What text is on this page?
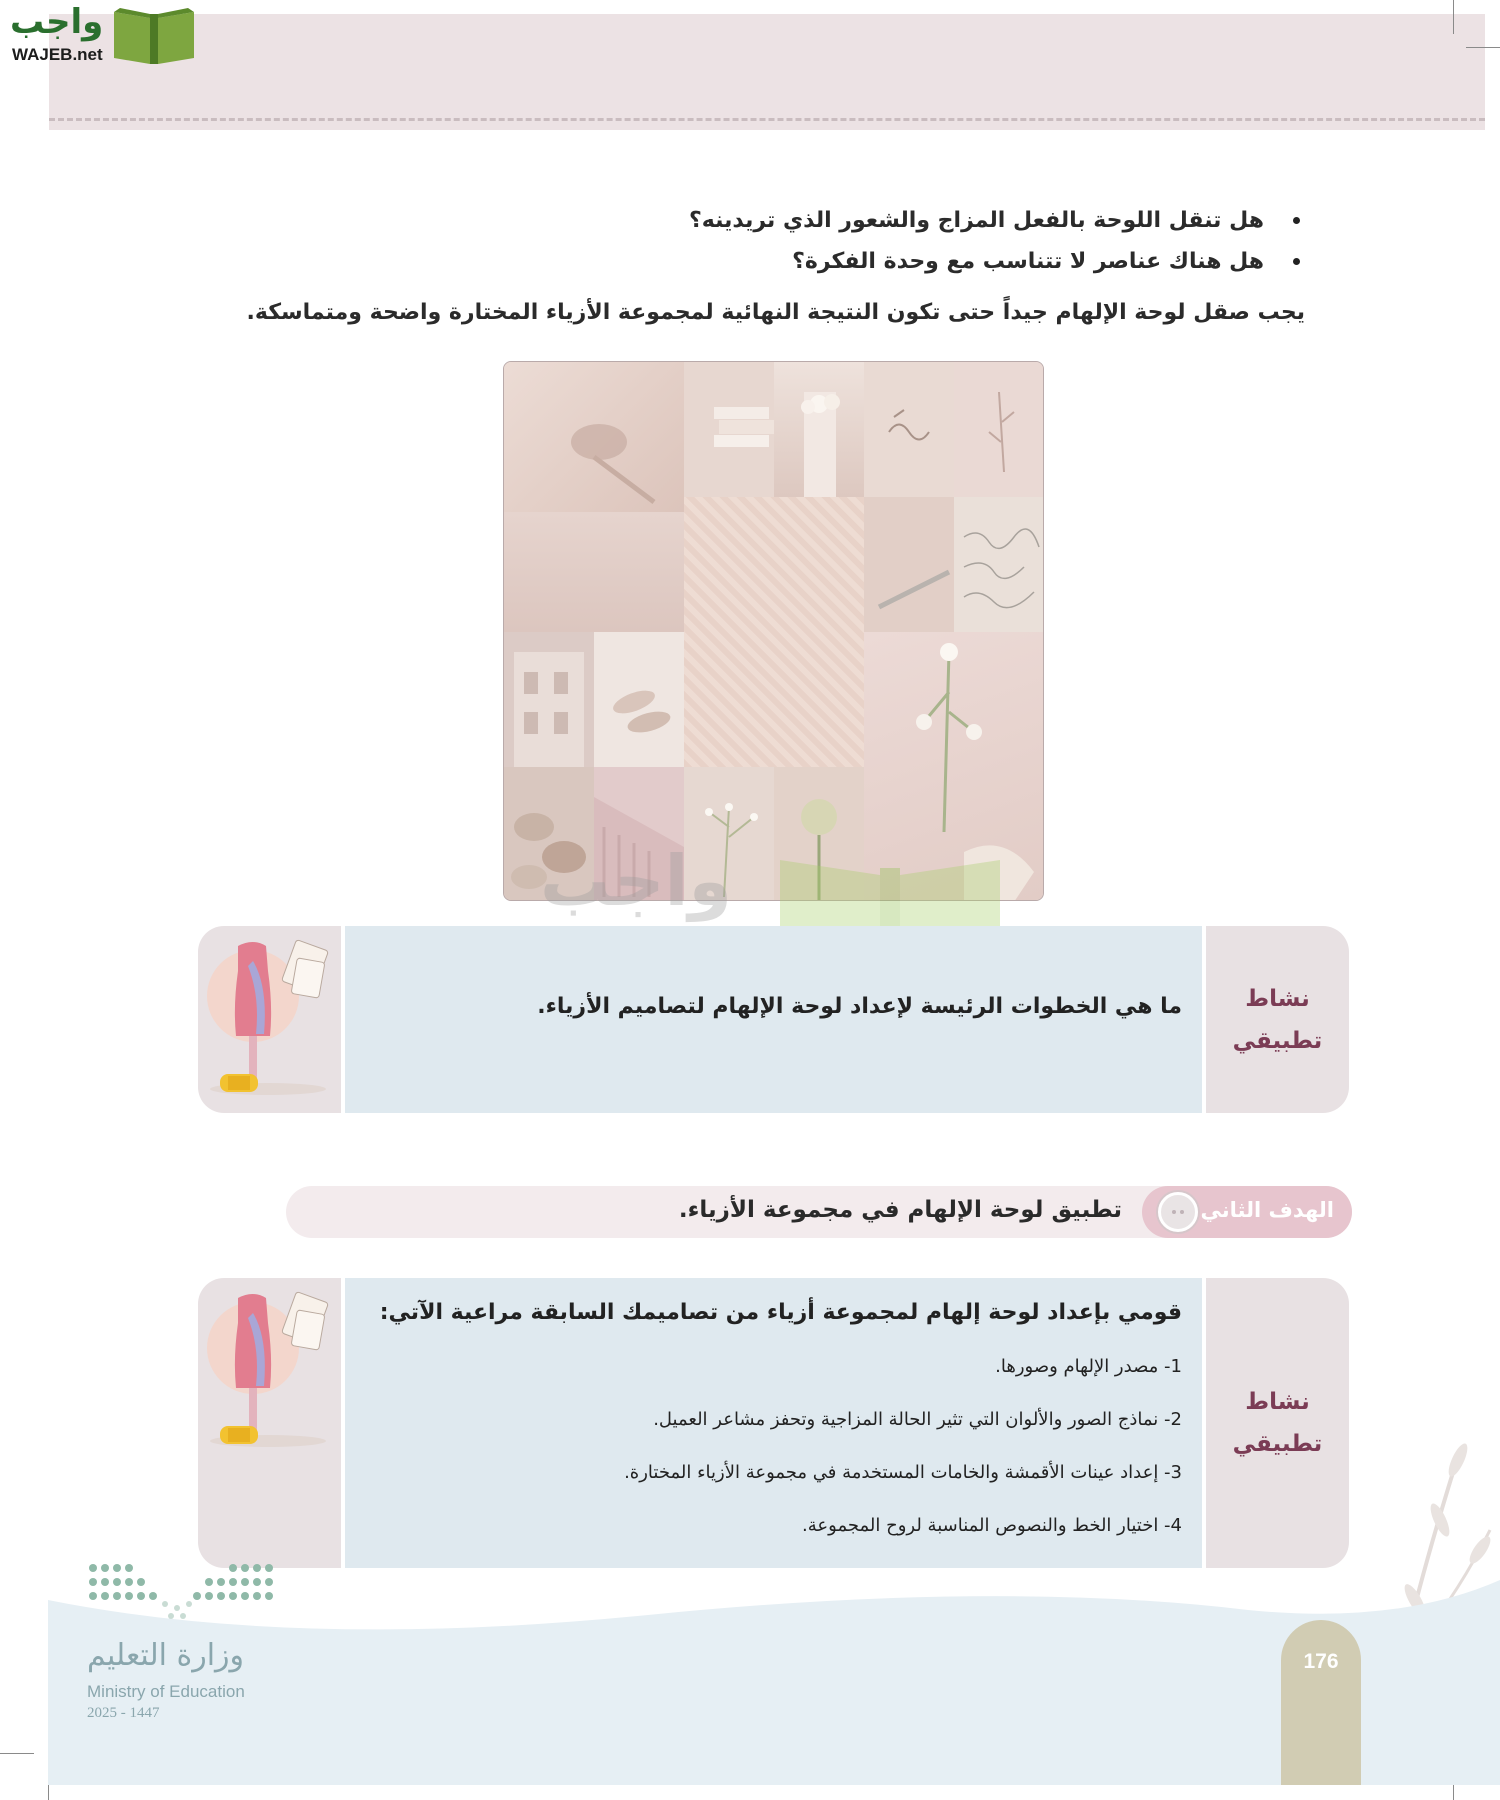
واجب
WAJEB.net
هل تنقل اللوحة بالفعل المزاج والشعور الذي تريدينه؟
هل هناك عناصر لا تتناسب مع وحدة الفكرة؟

يجب صقل لوحة الإلهام جيداً حتى تكون النتيجة النهائية لمجموعة الأزياء المختارة واضحة ومتماسكة.

واجب

ما هي الخطوات الرئيسة لإعداد لوحة الإلهام لتصاميم الأزياء.	نشاط
تطبيقي
الهدف الثاني
تطبيق لوحة الإلهام في مجموعة الأزياء.

قومي بإعداد لوحة إلهام لمجموعة أزياء من تصاميمك السابقة مراعية الآتي:

1- مصدر الإلهام وصورها.

2- نماذج الصور والألوان التي تثير الحالة المزاجية وتحفز مشاعر العميل.

3- إعداد عينات الأقمشة والخامات المستخدمة في مجموعة الأزياء المختارة.

4- اختيار الخط والنصوص المناسبة لروح المجموعة.

نشاط
تطبيقي
وزارة التعليم
Ministry of Education
2025 - 1447
176
